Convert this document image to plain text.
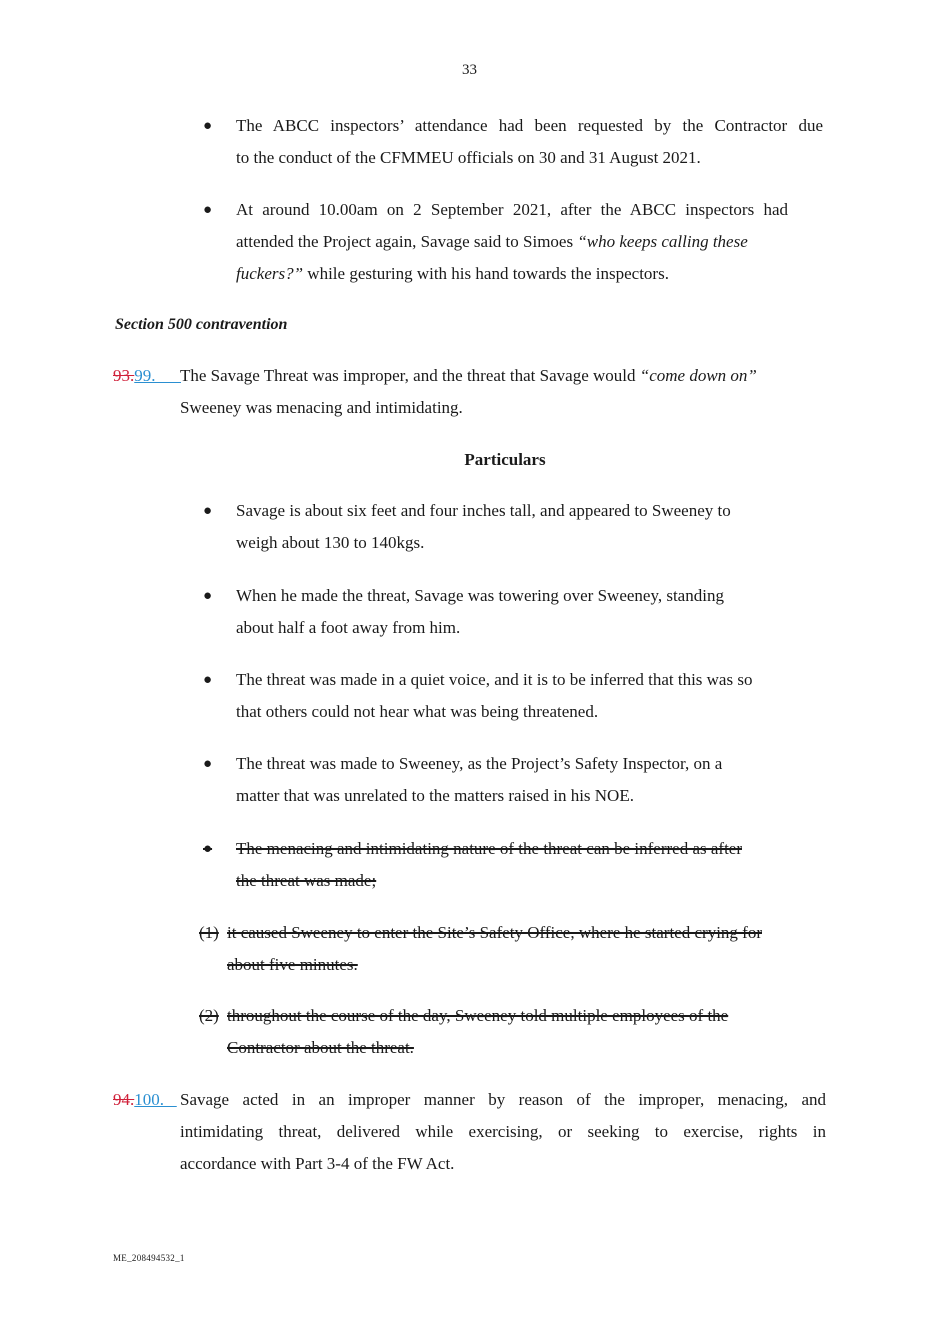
33
● The ABCC inspectors’ attendance had been requested by the Contractor due
to the conduct of the CFMMEU officials on 30 and 31 August 2021.
● At around 10.00am on 2 September 2021, after the ABCC inspectors had
attended the Project again, Savage said to Simoes “who keeps calling these
fuckers?” while gesturing with his hand towards the inspectors.
Section 500 contravention
93.99.	The Savage Threat was improper, and the threat that Savage would “come down on”
Sweeney was menacing and intimidating.
Particulars
● Savage is about six feet and four inches tall, and appeared to Sweeney to
weigh about 130 to 140kgs.
● When he made the threat, Savage was towering over Sweeney, standing
about half a foot away from him.
● The threat was made in a quiet voice, and it is to be inferred that this was so
that others could not hear what was being threatened.
● The threat was made to Sweeney, as the Project’s Safety Inspector, on a
matter that was unrelated to the matters raised in his NOE.
● The menacing and intimidating nature of the threat can be inferred as after
the threat was made;
(1) it caused Sweeney to enter the Site’s Safety Office, where he started crying for
about five minutes.
(2) throughout the course of the day, Sweeney told multiple employees of the
Contractor about the threat.
94.100. Savage acted in an improper manner by reason of the improper, menacing, and
intimidating threat, delivered while exercising, or seeking to exercise, rights in
accordance with Part 3-4 of the FW Act.
ME_208494532_1
